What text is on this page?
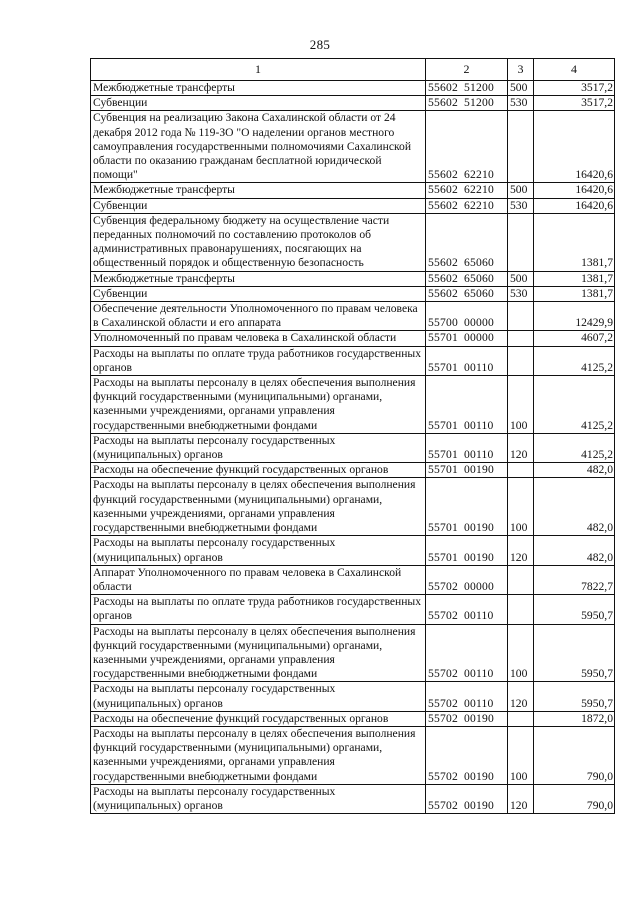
285
1	2	3	4
Межбюджетные трансферты	55602 51200	500	3517,2
Субвенции	55602 51200	530	3517,2
Субвенция на реализацию Закона Сахалинской области от 24 декабря 2012 года № 119-ЗО "О наделении органов местного самоуправления государственными полномочиями Сахалинской области по оказанию гражданам бесплатной юридической помощи"	55602 62210		16420,6
Межбюджетные трансферты	55602 62210	500	16420,6
Субвенции	55602 62210	530	16420,6
Субвенция федеральному бюджету на осуществление части переданных полномочий по составлению протоколов об административных правонарушениях, посягающих на общественный порядок и общественную безопасность	55602 65060		1381,7
Межбюджетные трансферты	55602 65060	500	1381,7
Субвенции	55602 65060	530	1381,7
Обеспечение деятельности Уполномоченного по правам человека в Сахалинской области и его аппарата	55700 00000		12429,9
Уполномоченный по правам человека в Сахалинской области	55701 00000		4607,2
Расходы на выплаты по оплате труда работников государственных органов	55701 00110		4125,2
Расходы на выплаты персоналу в целях обеспечения выполнения функций государственными (муниципальными) органами, казенными учреждениями, органами управления государственными внебюджетными фондами	55701 00110	100	4125,2
Расходы на выплаты персоналу государственных (муниципальных) органов	55701 00110	120	4125,2
Расходы на обеспечение функций государственных органов	55701 00190		482,0
Расходы на выплаты персоналу в целях обеспечения выполнения функций государственными (муниципальными) органами, казенными учреждениями, органами управления государственными внебюджетными фондами	55701 00190	100	482,0
Расходы на выплаты персоналу государственных (муниципальных) органов	55701 00190	120	482,0
Аппарат Уполномоченного по правам человека в Сахалинской области	55702 00000		7822,7
Расходы на выплаты по оплате труда работников государственных органов	55702 00110		5950,7
Расходы на выплаты персоналу в целях обеспечения выполнения функций государственными (муниципальными) органами, казенными учреждениями, органами управления государственными внебюджетными фондами	55702 00110	100	5950,7
Расходы на выплаты персоналу государственных (муниципальных) органов	55702 00110	120	5950,7
Расходы на обеспечение функций государственных органов	55702 00190		1872,0
Расходы на выплаты персоналу в целях обеспечения выполнения функций государственными (муниципальными) органами, казенными учреждениями, органами управления государственными внебюджетными фондами	55702 00190	100	790,0
Расходы на выплаты персоналу государственных (муниципальных) органов	55702 00190	120	790,0
